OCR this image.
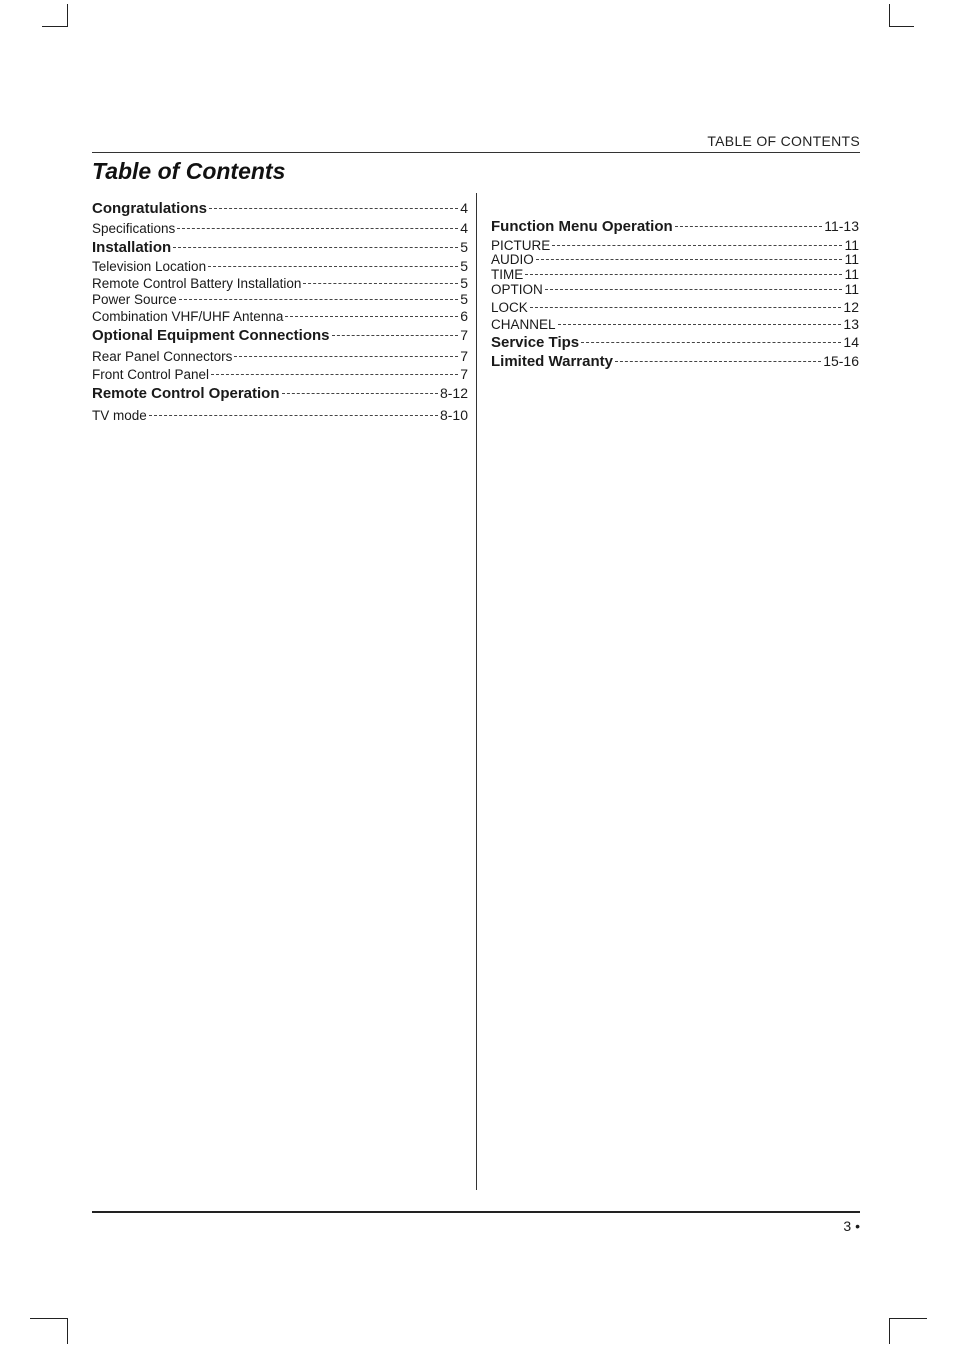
TABLE OF CONTENTS
Table of Contents
Congratulations	4
Specifications	4
Installation	5
Television Location	5
Remote Control Battery Installation	5
Power Source	5
Combination VHF/UHF Antenna	6
Optional Equipment Connections	7
Rear Panel Connectors	7
Front Control Panel	7
Remote Control Operation	8-12
TV mode	8-10
Function Menu Operation	11-13
PICTURE	11
AUDIO	11
TIME	11
OPTION	11
LOCK	12
CHANNEL	13
Service Tips	14
Limited Warranty	15-16
3 •
